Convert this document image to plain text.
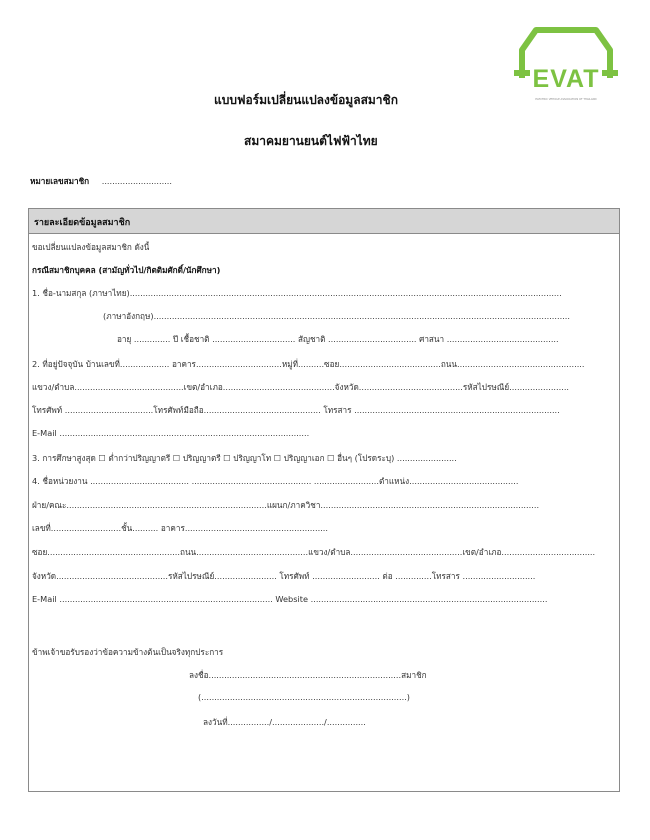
EVAT
ELECTRIC VEHICLE ASSOCIATION OF THAILAND
แบบฟอร์มเปลี่ยนแปลงข้อมูลสมาชิก
สมาคมยานยนต์ไฟฟ้าไทย
หมายเลขสมาชิก ...........................
รายละเอียดข้อมูลสมาชิก
ขอเปลี่ยนแปลงข้อมูลสมาชิก ดังนี้
กรณีสมาชิกบุคคล (สามัญทั่วไป/กิตติมศักดิ์/นักศึกษา)
1. ชื่อ-นามสกุล (ภาษาไทย)......................................................................................................................................................................
(ภาษาอังกฤษ)................................................................................................................................................................
อายุ .............. ปี เชื้อชาติ ................................ สัญชาติ .................................. ศาสนา ...........................................
2. ที่อยู่ปัจจุบัน บ้านเลขที่................... อาคาร.................................หมู่ที่..........ซอย.......................................ถนน.................................................
แขวง/ตำบล..........................................เขต/อำเภอ...........................................จังหวัด........................................รหัสไปรษณีย์.......................
โทรศัพท์ ..................................โทรศัพท์มือถือ............................................. โทรสาร ...............................................................................
E-Mail ................................................................................................
3. การศึกษาสูงสุด ☐ ต่ำกว่าปริญญาตรี ☐ ปริญญาตรี ☐ ปริญญาโท ☐ ปริญญาเอก ☐ อื่นๆ (โปรดระบุ) .......................
4. ชื่อหน่วยงาน ...................................... .............................................. .........................ตำแหน่ง..........................................
ฝ่าย/คณะ.............................................................................แผนก/ภาควิชา....................................................................................
เลขที่...........................ชั้น.......... อาคาร.......................................................
ซอย...................................................ถนน...........................................แขวง/ตำบล...........................................เขต/อำเภอ....................................
จังหวัด...........................................รหัสไปรษณีย์........................ โทรศัพท์ .......................... ต่อ ..............โทรสาร ............................
E-Mail .................................................................................. Website ...........................................................................................
ข้าพเจ้าขอรับรองว่าข้อความข้างต้นเป็นจริงทุกประการ
ลงชื่อ..........................................................................สมาชิก
(...............................................................................)
ลงวันที่................/..................../...............
